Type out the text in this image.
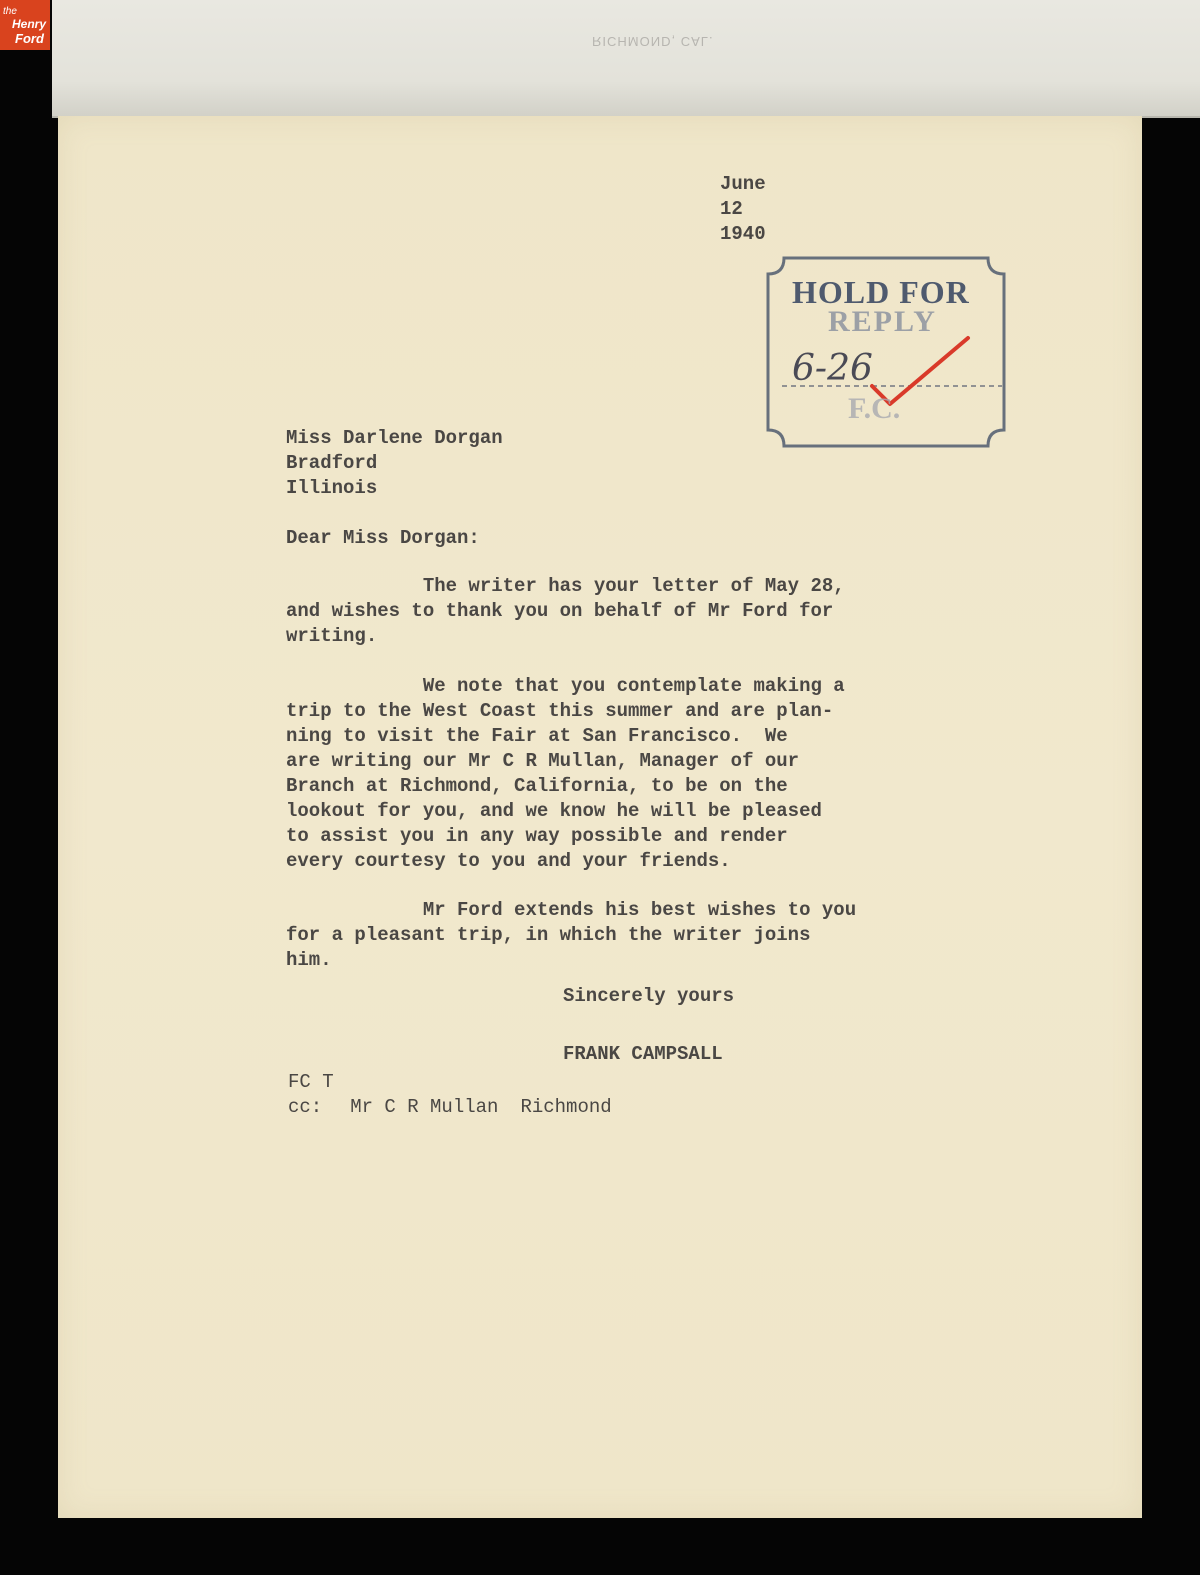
the
Henry
Ford	RICHMOND, CAL.
June
12
1940
HOLD FOR
REPLY
6-26
F.C.
Miss Darlene Dorgan
Bradford
Illinois
Dear Miss Dorgan:
The writer has your letter of May 28,
and wishes to thank you on behalf of Mr Ford for
writing.
We note that you contemplate making a
trip to the West Coast this summer and are plan-
ning to visit the Fair at San Francisco.  We
are writing our Mr C R Mullan, Manager of our
Branch at Richmond, California, to be on the
lookout for you, and we know he will be pleased
to assist you in any way possible and render
every courtesy to you and your friends.
Mr Ford extends his best wishes to you
for a pleasant trip, in which the writer joins
him.
Sincerely yours
FRANK CAMPSALL
FC T
cc: Mr C R Mullan Richmond
